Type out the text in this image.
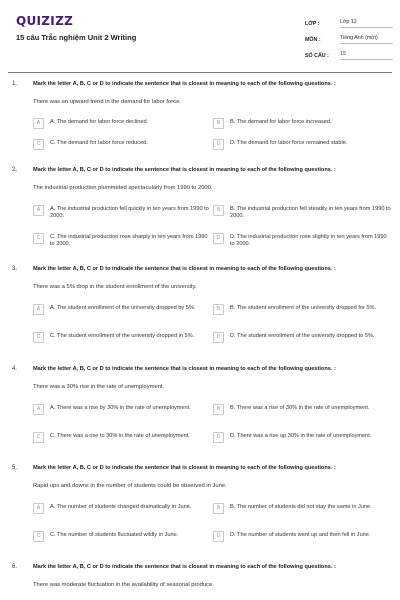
QUIZIZZ
15 câu Trắc nghiệm Unit 2 Writing
LỚP :	Lớp 12
MÔN :	Tiếng Anh (mới)
SỐ CÂU :	15
1.	Mark the letter A, B, C or D to indicate the sentence that is closest in meaning to each of the following questions. :
There was an upward trend in the demand for labor force.
A	A. The demand for labor force declined.	B	B. The demand for labor force increased.
C	C. The demand for labor force reduced.	D	D. The demand for labor force remained stable.
2.	Mark the letter A, B, C or D to indicate the sentence that is closest in meaning to each of the following questions. :
The industrial production plummeted spectacularly from 1990 to 2000.
A	A. The industrial production fell quickly in ten years from 1990 to 2000.
B	B. The industrial production fell steadily in ten years from 1990 to 2000.
C	C. The industrial production rose sharply in ten years from 1990 to 2000.
D	D. The industrial production rose slightly in ten years from 1990 to 2000.
3.	Mark the letter A, B, C or D to indicate the sentence that is closest in meaning to each of the following questions. :
There was a 5% drop in the student enrollment of the university.
A	A. The student enrollment of the university dropped by 5%.	B	B. The student enrollment of the university dropped for 5%.
C	C. The student enrollment of the university dropped in 5%.	D	D. The student enrollment of the university dropped to 5%.
4.	Mark the letter A, B, C or D to indicate the sentence that is closest in meaning to each of the following questions. :
There was a 30% rise in the rate of unemployment.
A	A. There was a rise by 30% in the rate of unemployment.	B	B. There was a rise of 30% in the rate of unemployment.
C	C. There was a rise to 30% in the rate of unemployment.	D	D. There was a rise up 30% in the rate of unemployment.
5.	Mark the letter A, B, C or D to indicate the sentence that is closest in meaning to each of the following questions. :
Rapid ups and downs in the number of students could be observed in June.
A	A. The number of students changed dramatically in June.	B	B. The number of students did not stay the same in June.
C	C. The number of students fluctuated wildly in June.	D	D. The number of students went up and then fell in June.
6.	Mark the letter A, B, C or D to indicate the sentence that is closest in meaning to each of the following questions. :
There was moderate fluctuation in the availability of seasonal produce.
